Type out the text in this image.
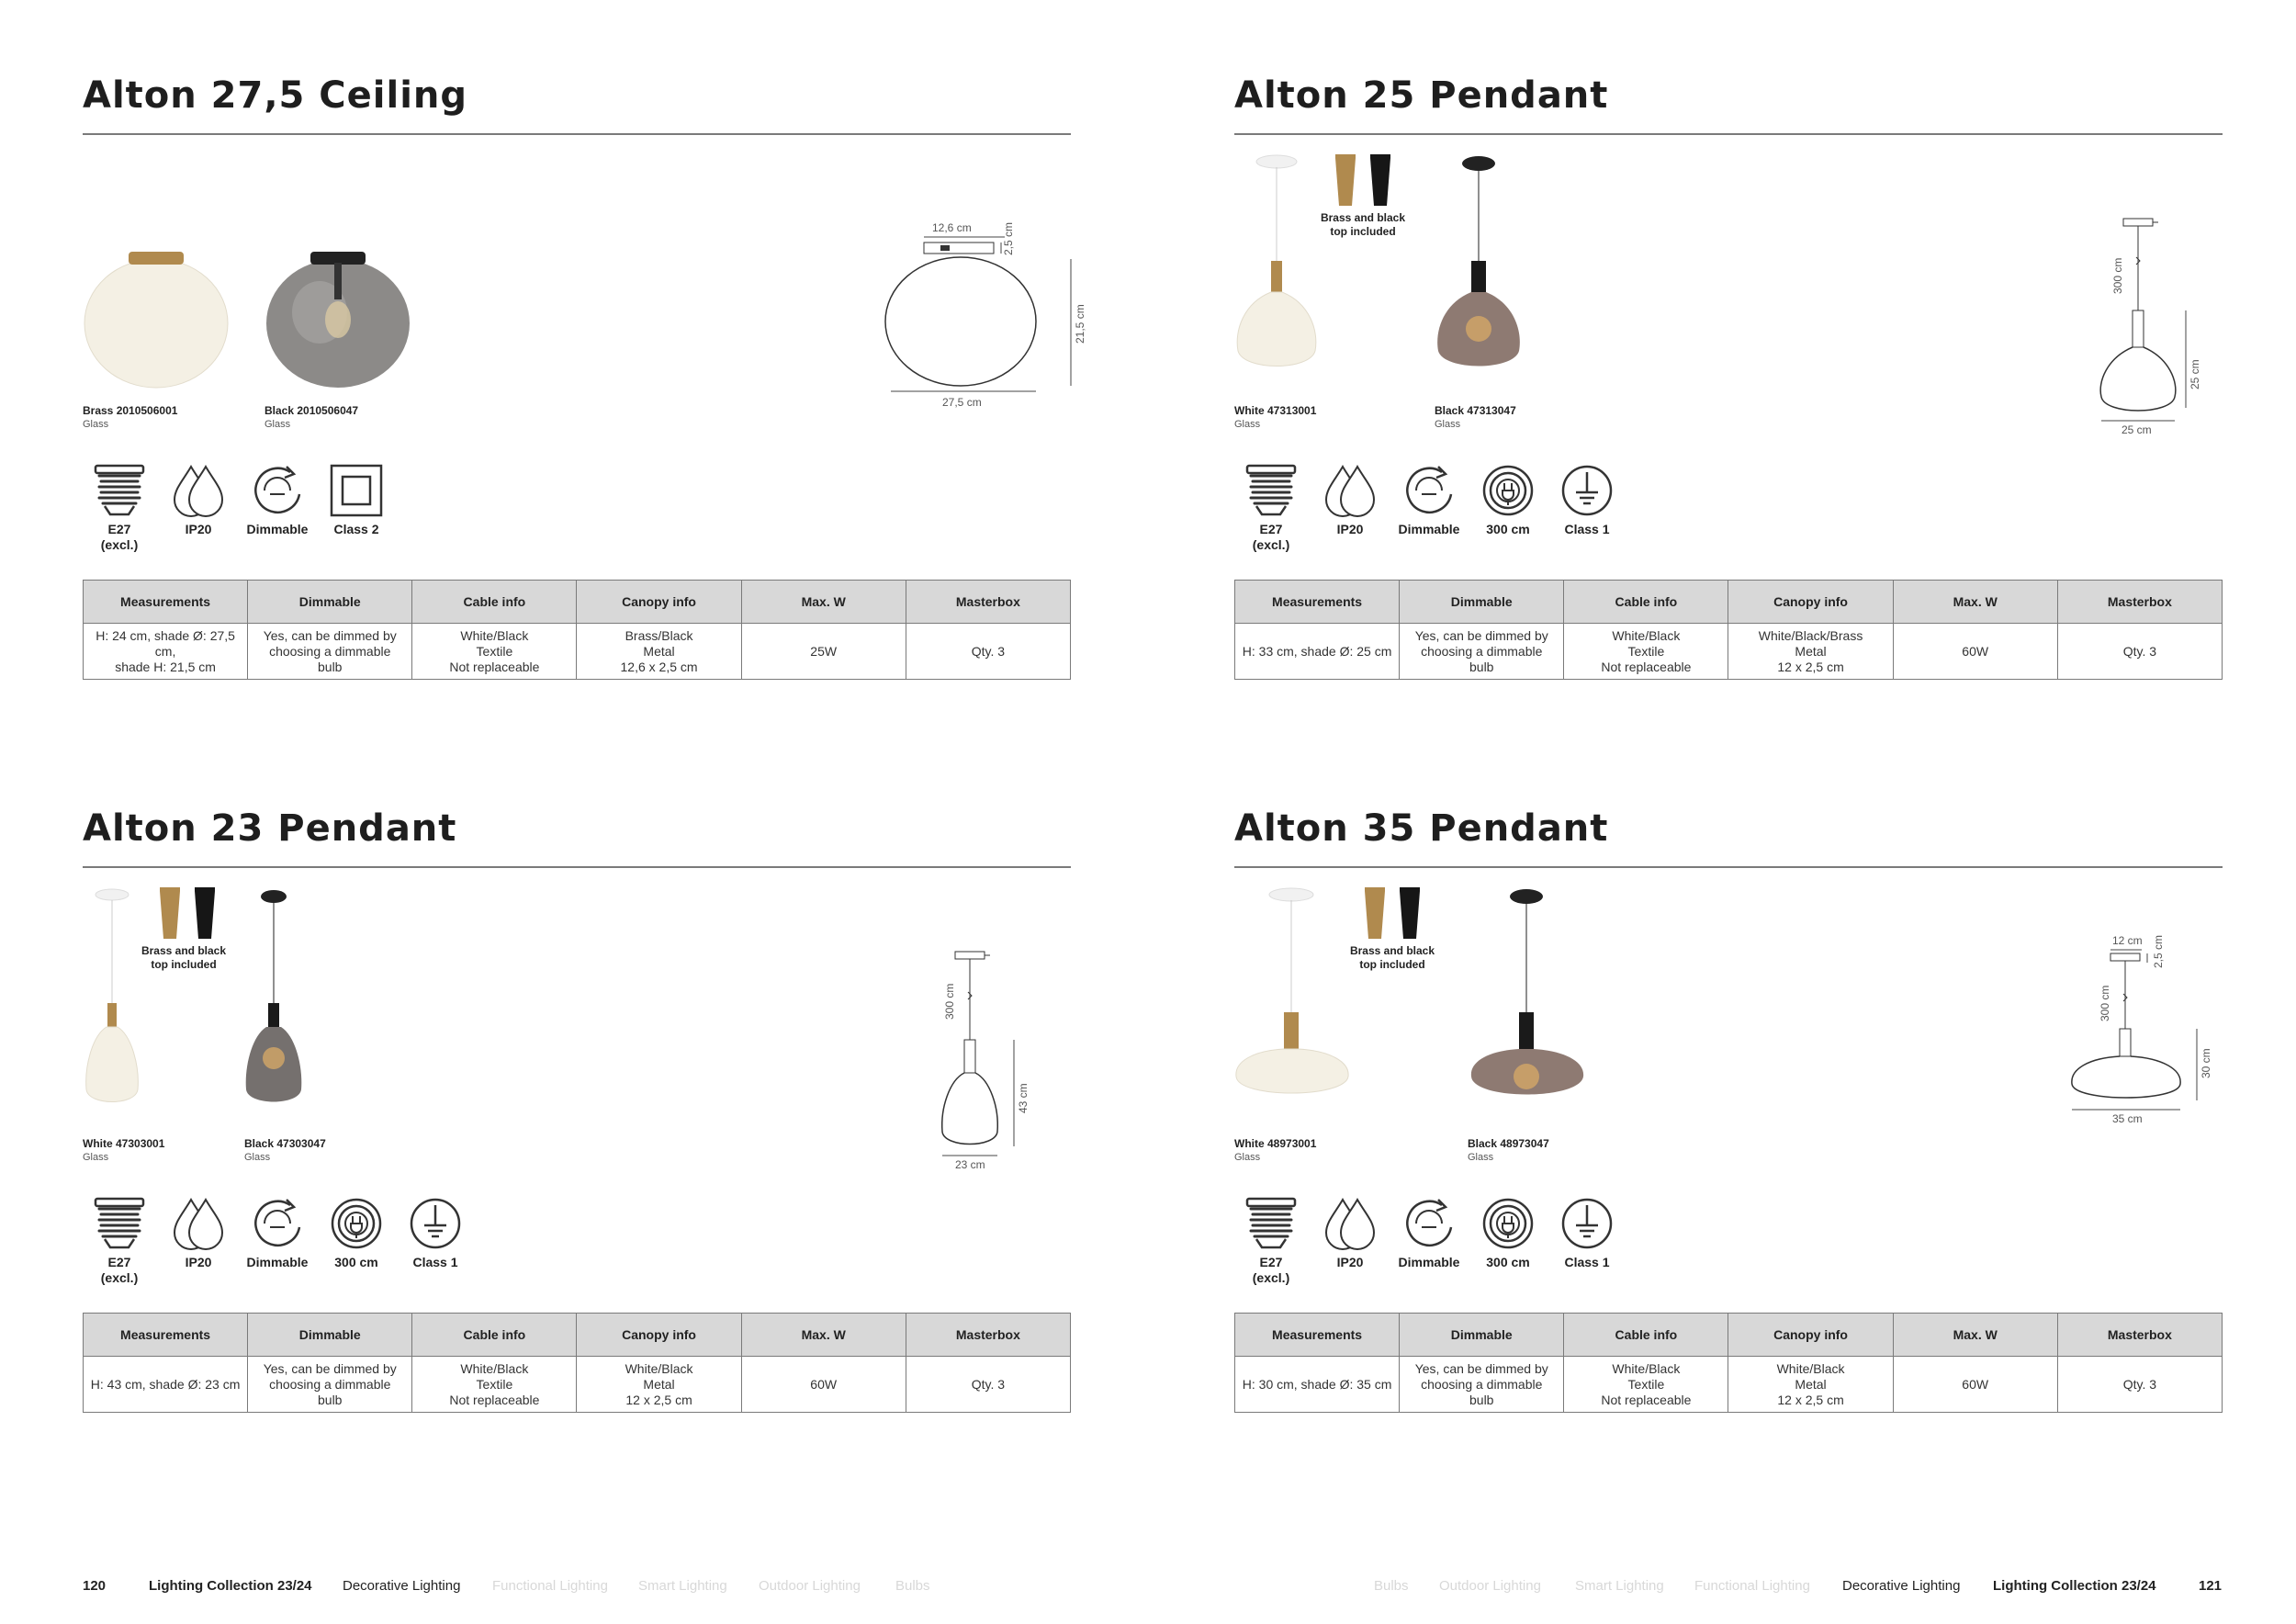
Alton 27,5 Ceiling
Brass 2010506001
Glass
Black 2010506047
Glass
12,6 cm	2,5 cm
21,5 cm
27,5 cm
E27
(excl.)
IP20	Dimmable	Class 2
Measurements	Dimmable	Cable info	Canopy info	Max. W	Masterbox
H: 24 cm, shade Ø: 27,5 cm,
shade H: 21,5 cm	Yes, can be dimmed by
choosing a dimmable
bulb	White/Black
Textile
Not replaceable	Brass/Black
Metal
12,6 x 2,5 cm	25W	Qty. 3
Alton 25 Pendant
White 47313001
Glass
Brass and black
top included
Black 47313047
Glass
300 cm
25 cm
25 cm
E27
(excl.)
IP20	Dimmable	300 cm	Class 1
Measurements	Dimmable	Cable info	Canopy info	Max. W	Masterbox
H: 33 cm, shade Ø: 25 cm	Yes, can be dimmed by
choosing a dimmable
bulb	White/Black
Textile
Not replaceable	White/Black/Brass
Metal
12 x 2,5 cm	60W	Qty. 3
Alton 23 Pendant
White 47303001
Glass
Brass and black
top included
Black 47303047
Glass
300 cm
43 cm
23 cm
E27
(excl.)
IP20	Dimmable	300 cm	Class 1
Measurements	Dimmable	Cable info	Canopy info	Max. W	Masterbox
H: 43 cm, shade Ø: 23 cm	Yes, can be dimmed by
choosing a dimmable
bulb	White/Black
Textile
Not replaceable	White/Black
Metal
12 x 2,5 cm	60W	Qty. 3
Alton 35 Pendant
White 48973001
Glass
Brass and black
top included
Black 48973047
Glass
12 cm 2,5 cm
300 cm
30 cm
35 cm
E27
(excl.)
IP20	Dimmable	300 cm	Class 1
Measurements	Dimmable	Cable info	Canopy info	Max. W	Masterbox
H: 30 cm, shade Ø: 35 cm	Yes, can be dimmed by
choosing a dimmable
bulb	White/Black
Textile
Not replaceable	White/Black
Metal
12 x 2,5 cm	60W	Qty. 3
120	Lighting Collection 23/24 Decorative Lighting Functional Lighting Smart Lighting Outdoor Lighting	Bulbs	Bulbs Outdoor Lighting Smart Lighting Functional Lighting Decorative Lighting Lighting Collection 23/24	121
